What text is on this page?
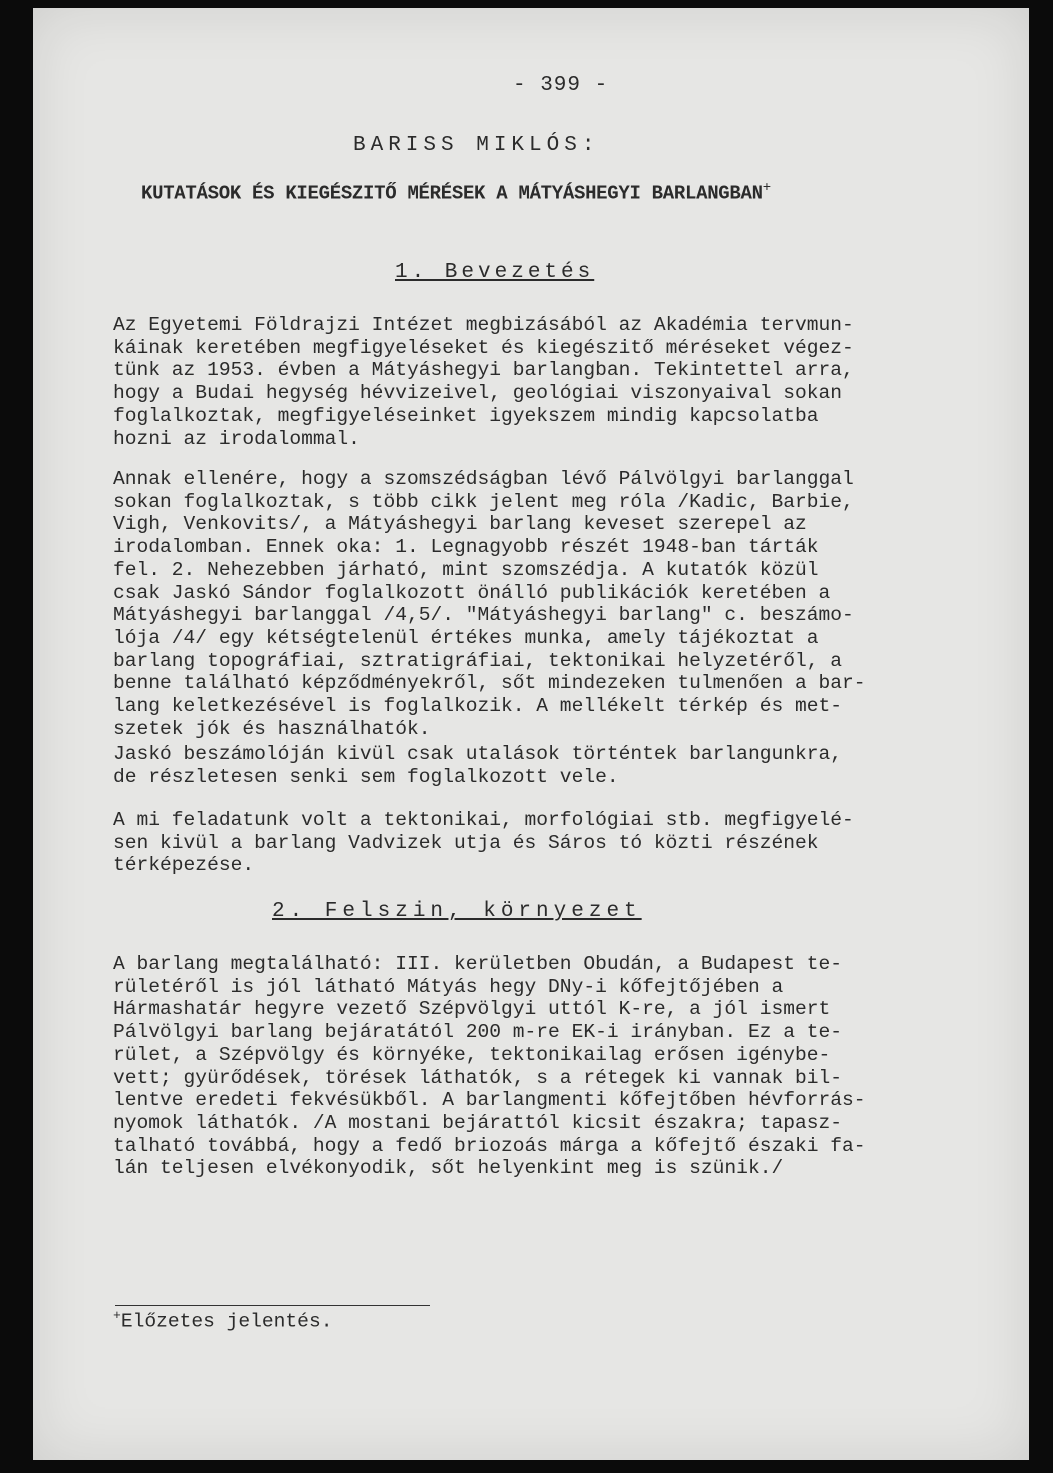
- 399 -
BARISS MIKLÓS:
KUTATÁSOK ÉS KIEGÉSZITŐ MÉRÉSEK A MÁTYÁSHEGYI BARLANGBAN+
1. Bevezetés
Az Egyetemi Földrajzi Intézet megbizásából az Akadémia tervmun-
káinak keretében megfigyeléseket és kiegészitő méréseket végez-
tünk az 1953. évben a Mátyáshegyi barlangban. Tekintettel arra,
hogy a Budai hegység hévvizeivel, geológiai viszonyaival sokan
foglalkoztak, megfigyeléseinket igyekszem mindig kapcsolatba
hozni az irodalommal.
Annak ellenére, hogy a szomszédságban lévő Pálvölgyi barlanggal
sokan foglalkoztak, s több cikk jelent meg róla /Kadic, Barbie,
Vigh, Venkovits/, a Mátyáshegyi barlang keveset szerepel az
irodalomban. Ennek oka: 1. Legnagyobb részét 1948-ban tárták
fel. 2. Nehezebben járható, mint szomszédja. A kutatók közül
csak Jaskó Sándor foglalkozott önálló publikációk keretében a
Mátyáshegyi barlanggal /4,5/. "Mátyáshegyi barlang" c. beszámo-
lója /4/ egy kétségtelenül értékes munka, amely tájékoztat a
barlang topográfiai, sztratigráfiai, tektonikai helyzetéről, a
benne található képződményekről, sőt mindezeken tulmenően a bar-
lang keletkezésével is foglalkozik. A mellékelt térkép és met-
szetek jók és használhatók.
Jaskó beszámolóján kivül csak utalások történtek barlangunkra,
de részletesen senki sem foglalkozott vele.
A mi feladatunk volt a tektonikai, morfológiai stb. megfigyelé-
sen kivül a barlang Vadvizek utja és Sáros tó közti részének
térképezése.
2. Felszin, környezet
A barlang megtalálható: III. kerületben Obudán, a Budapest te-
rületéről is jól látható Mátyás hegy DNy-i kőfejtőjében a
Hármashatár hegyre vezető Szépvölgyi uttól K-re, a jól ismert
Pálvölgyi barlang bejáratától 200 m-re EK-i irányban. Ez a te-
rület, a Szépvölgy és környéke, tektonikailag erősen igénybe-
vett; gyürődések, törések láthatók, s a rétegek ki vannak bil-
lentve eredeti fekvésükből. A barlangmenti kőfejtőben hévforrás-
nyomok láthatók. /A mostani bejárattól kicsit északra; tapasz-
talható továbbá, hogy a fedő briozoás márga a kőfejtő északi fa-
lán teljesen elvékonyodik, sőt helyenkint meg is szünik./
+Előzetes jelentés.
